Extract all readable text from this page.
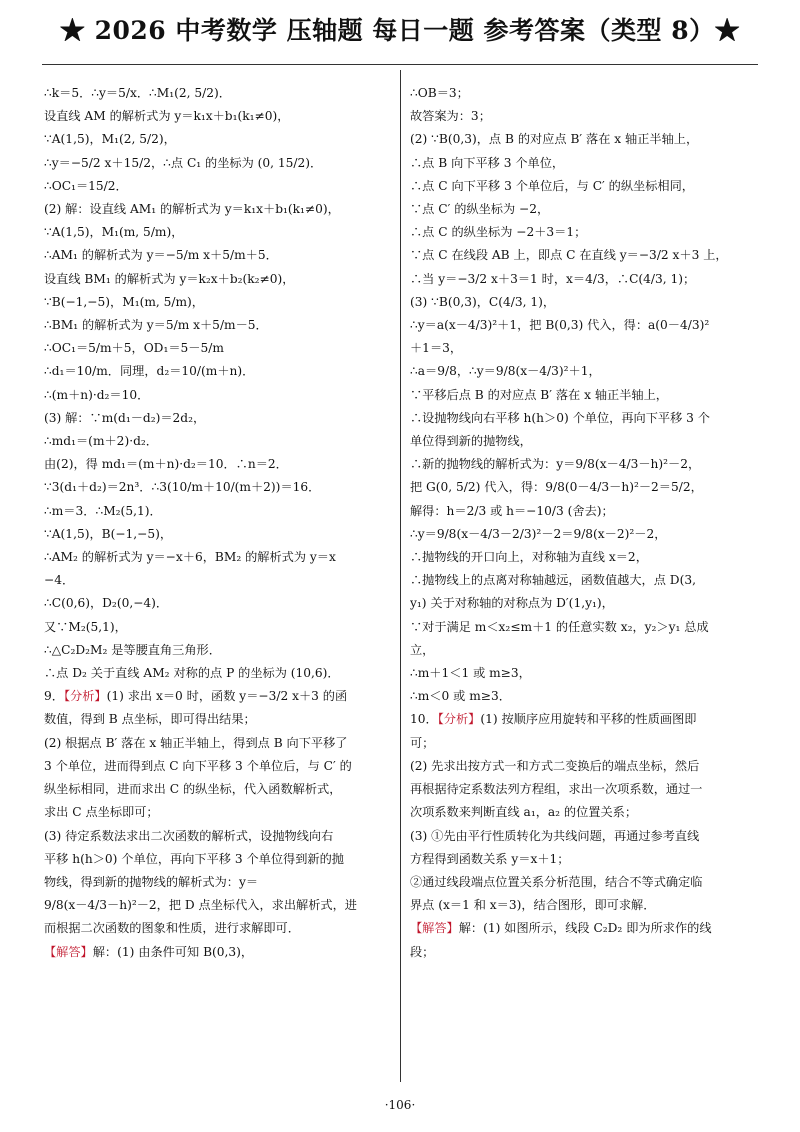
★ 2026 中考数学 压轴题 每日一题 参考答案（类型 8）★
∴k＝5．∴y＝5/x．∴M₁(2, 5/2)．
设直线 AM 的解析式为 y＝k₁x＋b₁(k₁≠0)，
∵A(1,5)，M₁(2, 5/2)，
∴y＝−5/2 x＋15/2，∴点 C₁ 的坐标为 (0, 15/2)．
∴OC₁＝15/2．
(2) 解：设直线 AM₁ 的解析式为 y＝k₁x＋b₁(k₁≠0)，
∵A(1,5)，M₁(m, 5/m)，
∴AM₁ 的解析式为 y＝−5/m x＋5/m＋5．
设直线 BM₁ 的解析式为 y＝k₂x＋b₂(k₂≠0)，
∵B(−1,−5)，M₁(m, 5/m)，
∴BM₁ 的解析式为 y＝5/m x＋5/m－5．
∴OC₁＝5/m＋5，OD₁＝5－5/m
∴d₁＝10/m．同理，d₂＝10/(m＋n)．
∴(m＋n)·d₂＝10．
(3) 解：∵m(d₁－d₂)＝2d₂，
∴md₁＝(m＋2)·d₂．
由(2)，得 md₁＝(m＋n)·d₂＝10．∴n＝2．
∵3(d₁＋d₂)＝2n³．∴3(10/m＋10/(m＋2))＝16．
∴m＝3．∴M₂(5,1)．
∵A(1,5)，B(−1,−5)，
∴AM₂ 的解析式为 y＝−x＋6，BM₂ 的解析式为 y＝x
−4．
∴C(0,6)，D₂(0,−4)．
又∵M₂(5,1)，
∴△C₂D₂M₂ 是等腰直角三角形．
∴点 D₂ 关于直线 AM₂ 对称的点 P 的坐标为 (10,6)．
9．【分析】(1) 求出 x＝0 时，函数 y＝−3/2 x＋3 的函
数值，得到 B 点坐标，即可得出结果；
(2) 根据点 B′ 落在 x 轴正半轴上，得到点 B 向下平移了
3 个单位，进而得到点 C 向下平移 3 个单位后，与 C′ 的
纵坐标相同，进而求出 C 的纵坐标，代入函数解析式，
求出 C 点坐标即可；
(3) 待定系数法求出二次函数的解析式，设抛物线向右
平移 h(h＞0) 个单位，再向下平移 3 个单位得到新的抛
物线，得到新的抛物线的解析式为：y＝
9/8(x－4/3－h)²－2，把 D 点坐标代入，求出解析式，进
而根据二次函数的图象和性质，进行求解即可．
【解答】解：(1) 由条件可知 B(0,3)，
∴OB＝3；
故答案为：3；
(2) ∵B(0,3)，点 B 的对应点 B′ 落在 x 轴正半轴上，
∴点 B 向下平移 3 个单位，
∴点 C 向下平移 3 个单位后，与 C′ 的纵坐标相同，
∵点 C′ 的纵坐标为 −2，
∴点 C 的纵坐标为 −2＋3＝1；
∵点 C 在线段 AB 上，即点 C 在直线 y＝−3/2 x＋3 上，
∴当 y＝−3/2 x＋3＝1 时，x＝4/3，∴C(4/3, 1)；
(3) ∵B(0,3)，C(4/3, 1)，
∴y＝a(x－4/3)²＋1，把 B(0,3) 代入，得：a(0－4/3)²
＋1＝3，
∴a＝9/8，∴y＝9/8(x－4/3)²＋1，
∵平移后点 B 的对应点 B′ 落在 x 轴正半轴上，
∴设抛物线向右平移 h(h＞0) 个单位，再向下平移 3 个
单位得到新的抛物线，
∴新的抛物线的解析式为：y＝9/8(x－4/3－h)²－2，
把 G(0, 5/2) 代入，得：9/8(0－4/3－h)²－2＝5/2，
解得：h＝2/3 或 h＝−10/3 (舍去)；
∴y＝9/8(x－4/3－2/3)²－2＝9/8(x－2)²－2，
∴抛物线的开口向上，对称轴为直线 x＝2，
∴抛物线上的点离对称轴越远，函数值越大，点 D(3,
y₁) 关于对称轴的对称点为 D′(1,y₁)，
∵对于满足 m＜x₂≤m＋1 的任意实数 x₂，y₂＞y₁ 总成
立，
∴m＋1＜1 或 m≥3，
∴m＜0 或 m≥3．
10．【分析】(1) 按顺序应用旋转和平移的性质画图即
可；
(2) 先求出按方式一和方式二变换后的端点坐标，然后
再根据待定系数法列方程组，求出一次项系数，通过一
次项系数来判断直线 a₁，a₂ 的位置关系；
(3) ①先由平行性质转化为共线问题，再通过参考直线
方程得到函数关系 y＝x＋1；
②通过线段端点位置关系分析范围，结合不等式确定临
界点 (x＝1 和 x＝3)，结合图形，即可求解．
【解答】解：(1) 如图所示，线段 C₂D₂ 即为所求作的线
段；
·106·
